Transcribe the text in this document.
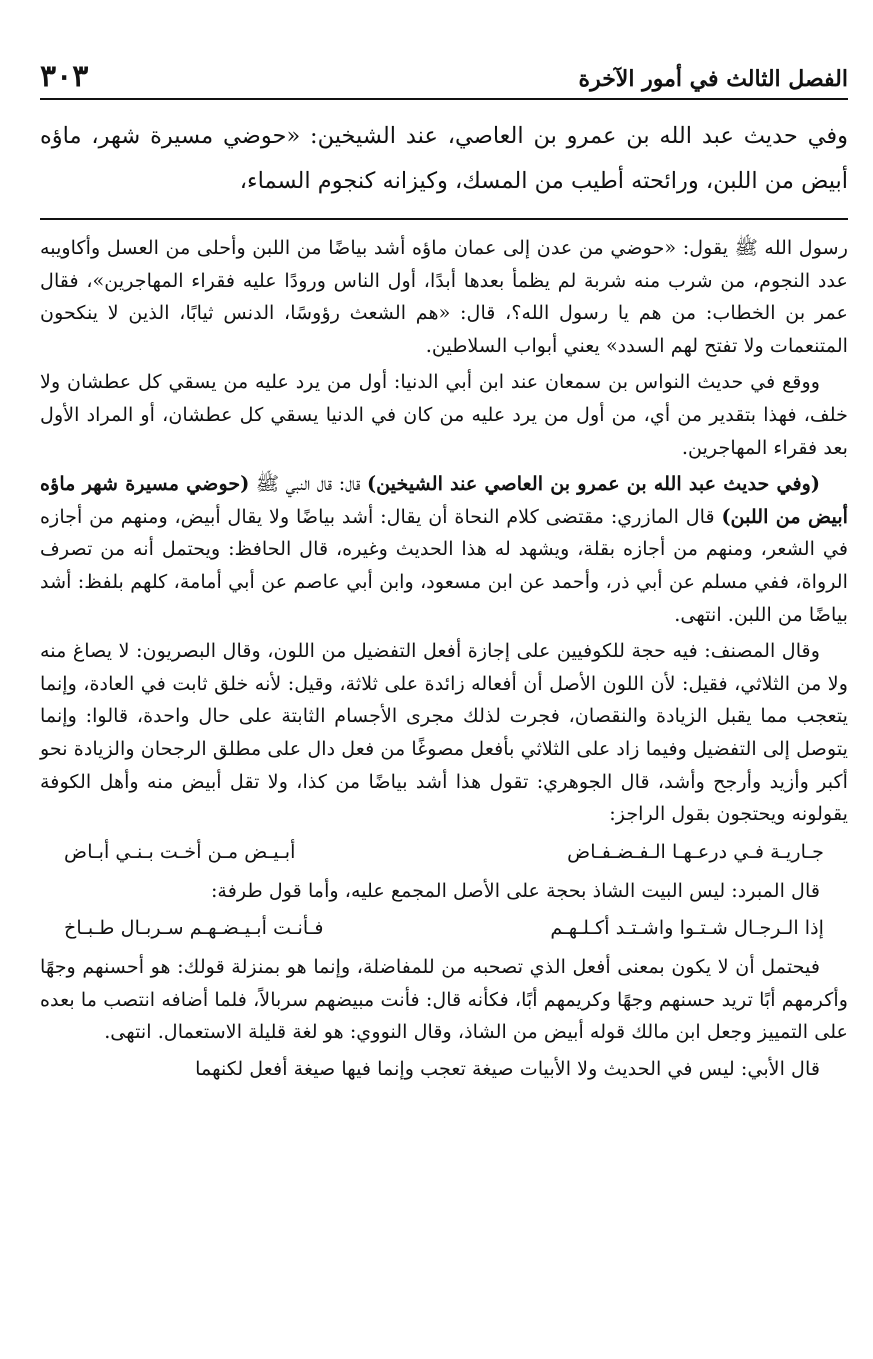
الفصل الثالث في أمور الآخرة
٣٠٣
وفي حديث عبد الله بن عمرو بن العاصي، عند الشيخين: «حوضي مسيرة شهر، ماؤه أبيض من اللبن، ورائحته أطيب من المسك، وكيزانه كنجوم السماء،

رسول الله ﷺ يقول: «حوضي من عدن إلى عمان ماؤه أشد بياضًا من اللبن وأحلى من العسل وأكاويبه عدد النجوم، من شرب منه شربة لم يظمأ بعدها أبدًا، أول الناس ورودًا عليه فقراء المهاجرين»، فقال عمر بن الخطاب: من هم يا رسول الله؟، قال: «هم الشعث رؤوسًا، الدنس ثيابًا، الذين لا ينكحون المتنعمات ولا تفتح لهم السدد» يعني أبواب السلاطين.

ووقع في حديث النواس بن سمعان عند ابن أبي الدنيا: أول من يرد عليه من يسقي كل عطشان ولا خلف، فهذا بتقدير من أي، من أول من يرد عليه من كان في الدنيا يسقي كل عطشان، أو المراد الأول بعد فقراء المهاجرين.

(وفي حديث عبد الله بن عمرو بن العاصي عند الشيخين) قال: قال النبي ﷺ (حوضي مسيرة شهر ماؤه أبيض من اللبن) قال المازري: مقتضى كلام النحاة أن يقال: أشد بياضًا ولا يقال أبيض، ومنهم من أجازه في الشعر، ومنهم من أجازه بقلة، ويشهد له هذا الحديث وغيره، قال الحافظ: ويحتمل أنه من تصرف الرواة، ففي مسلم عن أبي ذر، وأحمد عن ابن مسعود، وابن أبي عاصم عن أبي أمامة، كلهم بلفظ: أشد بياضًا من اللبن. انتهى.

وقال المصنف: فيه حجة للكوفيين على إجازة أفعل التفضيل من اللون، وقال البصريون: لا يصاغ منه ولا من الثلاثي، فقيل: لأن اللون الأصل أن أفعاله زائدة على ثلاثة، وقيل: لأنه خلق ثابت في العادة، وإنما يتعجب مما يقبل الزيادة والنقصان، فجرت لذلك مجرى الأجسام الثابتة على حال واحدة، قالوا: وإنما يتوصل إلى التفضيل وفيما زاد على الثلاثي بأفعل مصوغًا من فعل دال على مطلق الرجحان والزيادة نحو أكبر وأزيد وأرجح وأشد، قال الجوهري: تقول هذا أشد بياضًا من كذا، ولا تقل أبيض منه وأهل الكوفة يقولونه ويحتجون بقول الراجز:

جـاريـة فـي درعـهـا الـفـضـفـاض
أبـيـض مـن أخـت بـنـي أبـاض

قال المبرد: ليس البيت الشاذ بحجة على الأصل المجمع عليه، وأما قول طرفة:

إذا الـرجـال شـتـوا واشـتـد أكـلـهـم
فـأنـت أبـيـضـهـم سـربـال طـبـاخ

فيحتمل أن لا يكون بمعنى أفعل الذي تصحبه من للمفاضلة، وإنما هو بمنزلة قولك: هو أحسنهم وجهًا وأكرمهم أبًا تريد حسنهم وجهًا وكريمهم أبًا، فكأنه قال: فأنت مبيضهم سربالاً، فلما أضافه انتصب ما بعده على التمييز وجعل ابن مالك قوله أبيض من الشاذ، وقال النووي: هو لغة قليلة الاستعمال. انتهى.

قال الأبي: ليس في الحديث ولا الأبيات صيغة تعجب وإنما فيها صيغة أفعل لكنهما
